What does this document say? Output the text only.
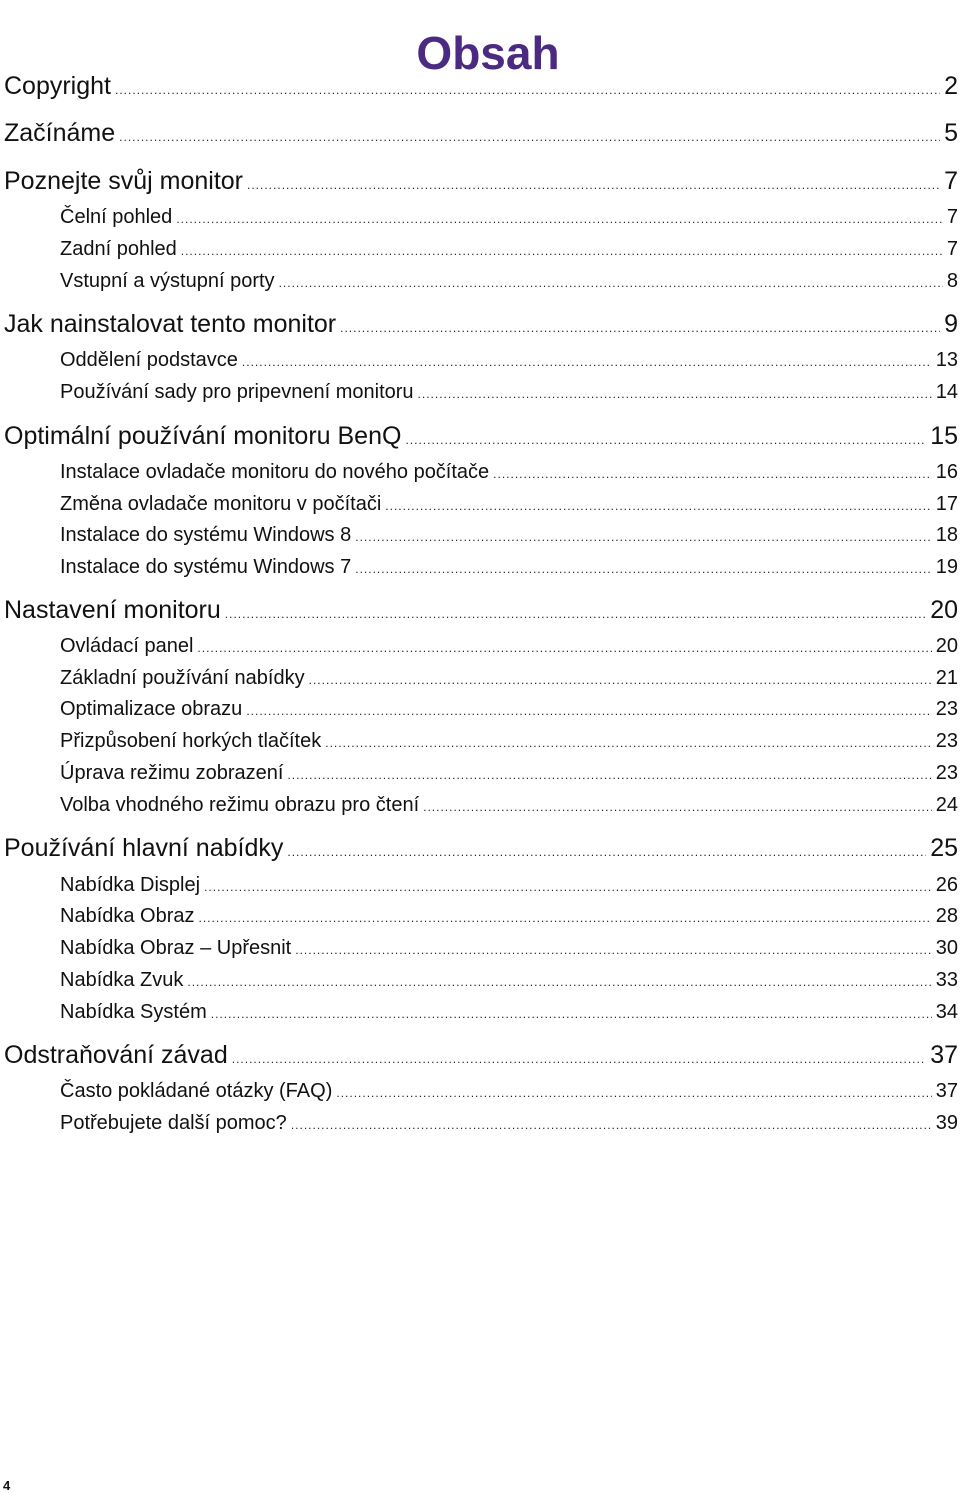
Obsah
Copyright .....	2
Začínáme .....	5
Poznejte svůj monitor .....	7
Čelní pohled .....	7
Zadní pohled .....	7
Vstupní a výstupní porty .....	8
Jak nainstalovat tento monitor .....	9
Oddělení podstavce .....	13
Používání sady pro pripevnení monitoru .....	14
Optimální používání monitoru BenQ .....	15
Instalace ovladače monitoru do nového počítače .....	16
Změna ovladače monitoru v počítači .....	17
Instalace do systému Windows 8 .....	18
Instalace do systému Windows 7 .....	19
Nastavení monitoru .....	20
Ovládací panel .....	20
Základní používání nabídky .....	21
Optimalizace obrazu .....	23
Přizpůsobení horkých tlačítek .....	23
Úprava režimu zobrazení .....	23
Volba vhodného režimu obrazu pro čtení .....	24
Používání hlavní nabídky .....	25
Nabídka Displej .....	26
Nabídka Obraz .....	28
Nabídka Obraz – Upřesnit .....	30
Nabídka Zvuk .....	33
Nabídka Systém .....	34
Odstraňování závad .....	37
Často pokládané otázky (FAQ) .....	37
Potřebujete další pomoc? .....	39
4
